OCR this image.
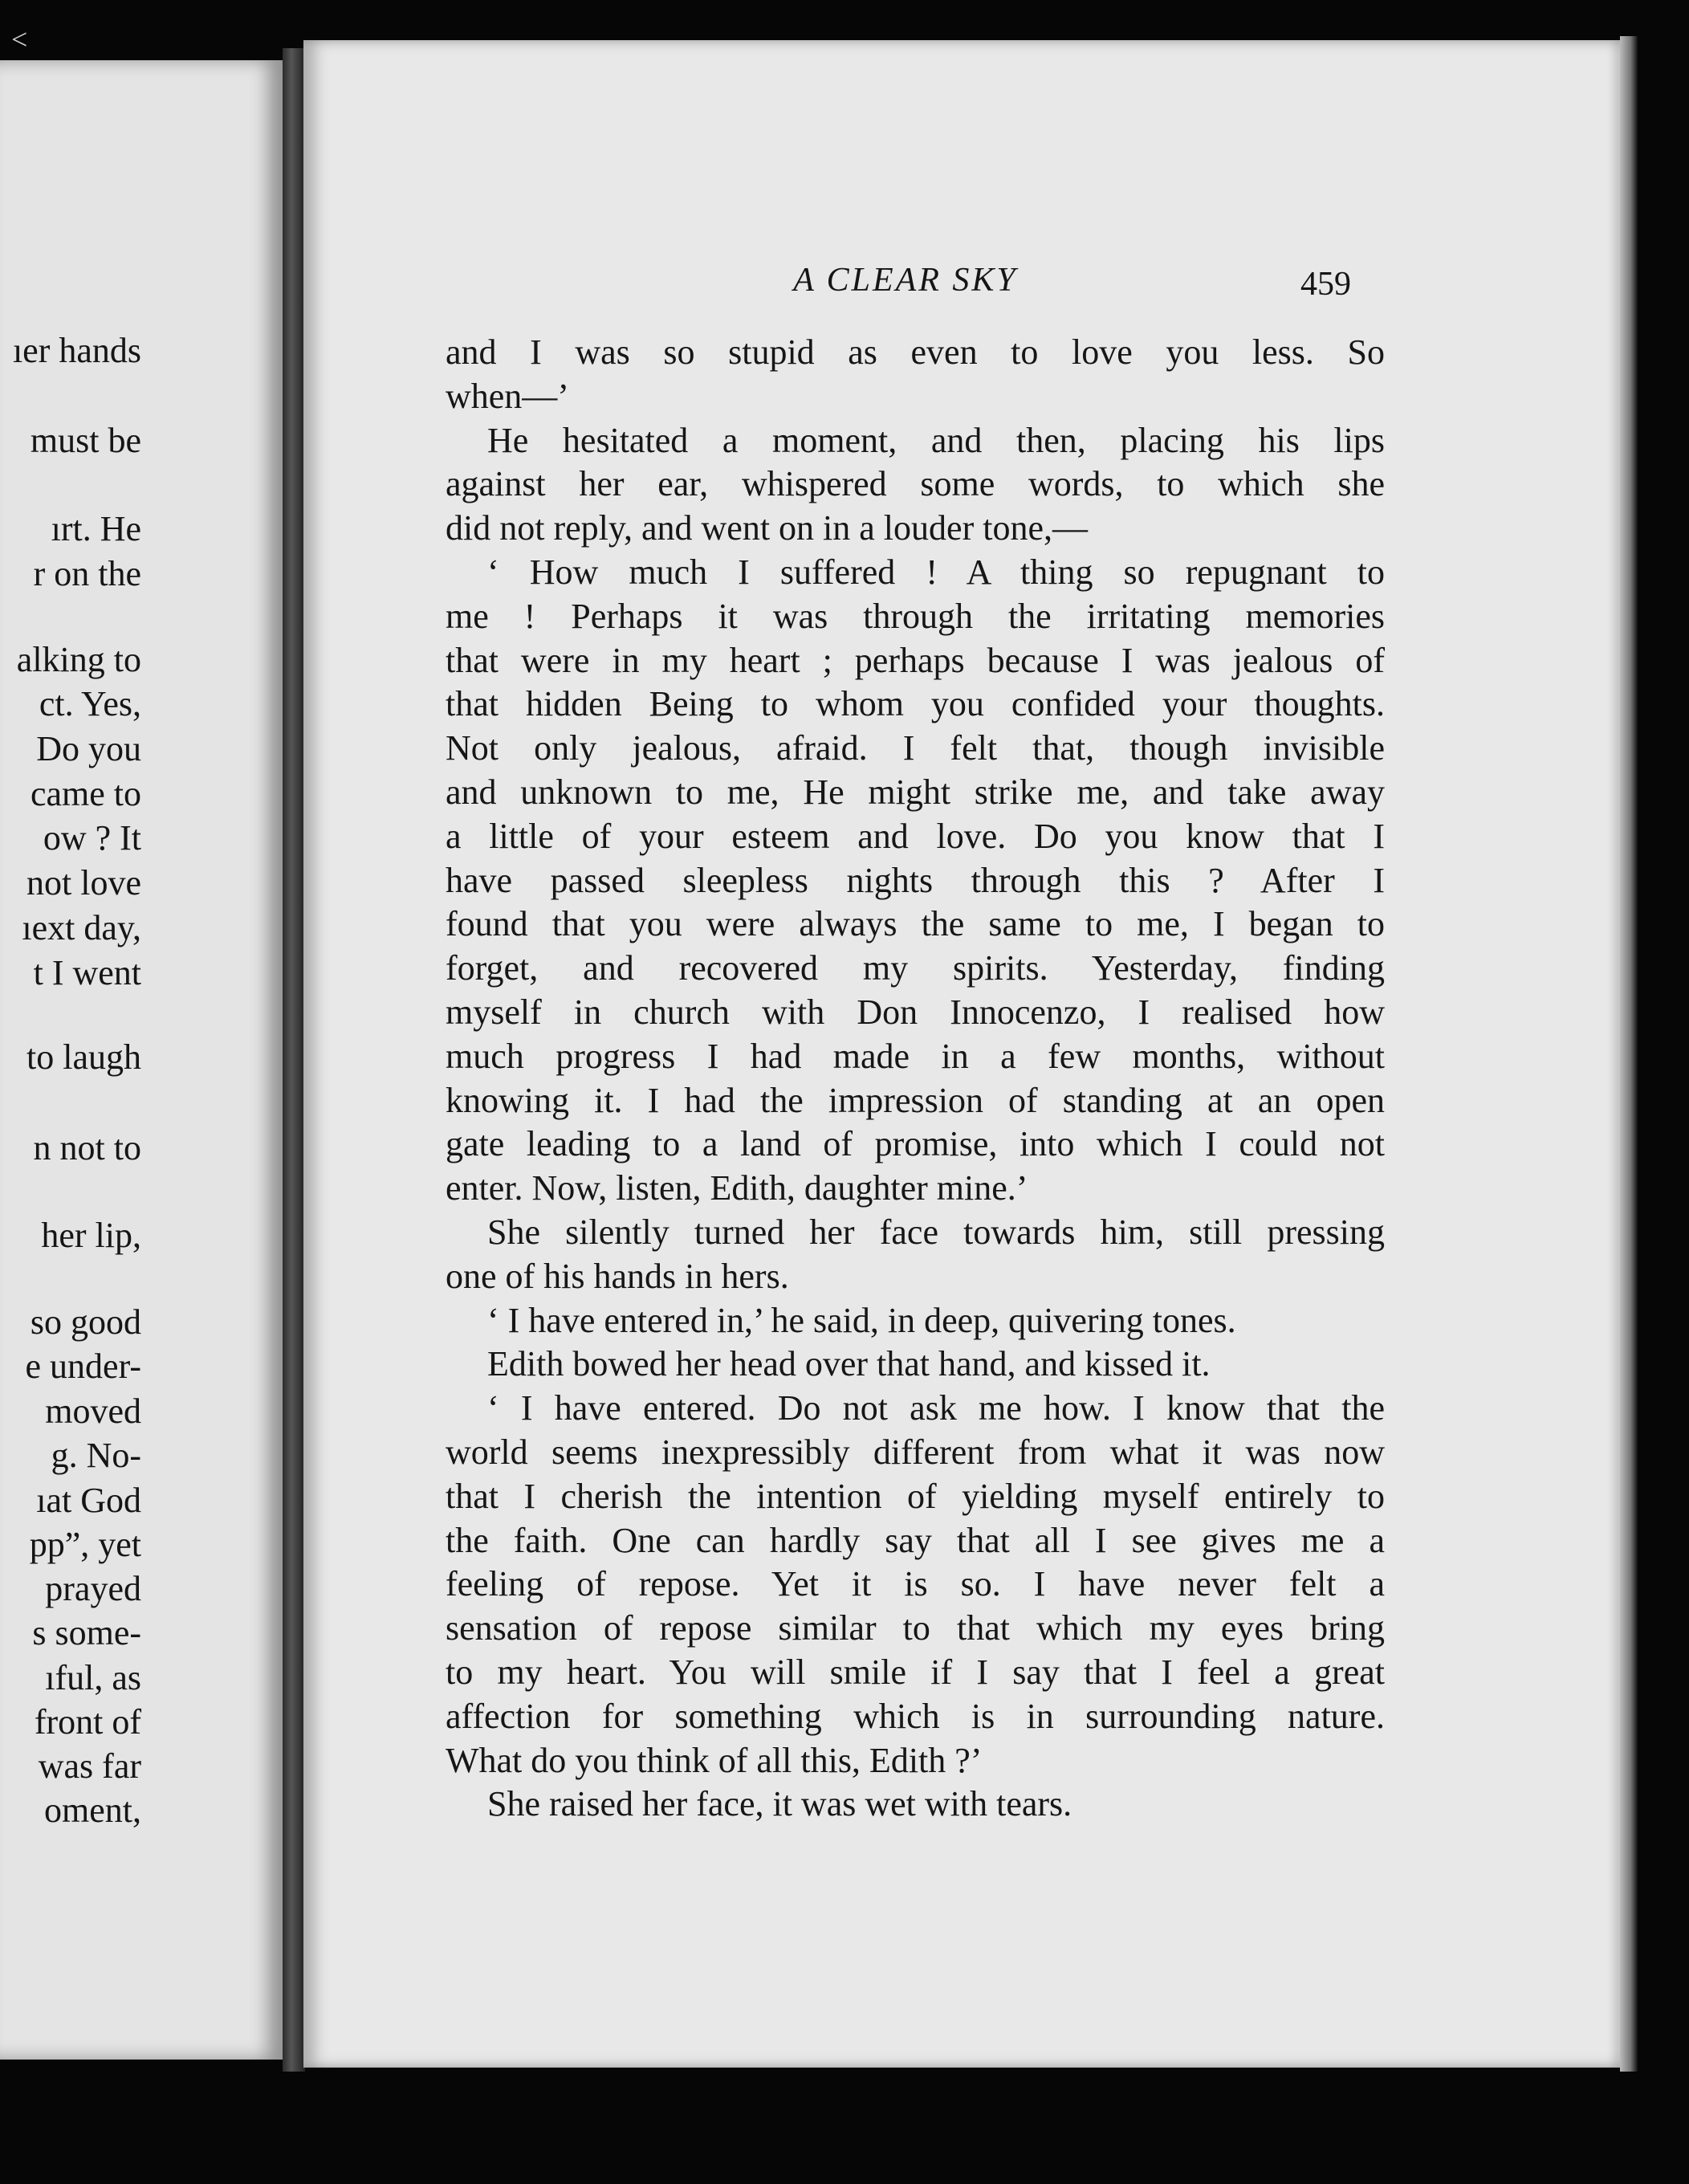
ıer hands
must be
ırt. He
r on the
alking to
ct. Yes,
Do you
came to
ow ? It
not love
ıext day,
t I went
to laugh
n not to
her lip,
so good
e under-
moved
g. No-
ıat God
pp”, yet
prayed
s some-
ıful, as
front of
was far
oment,
<
A CLEAR SKY	459
and I was so stupid as even to love you less. So
when—’
He hesitated a moment, and then, placing his lips
against her ear, whispered some words, to which she
did not reply, and went on in a louder tone,—
‘ How much I suffered ! A thing so repugnant to
me ! Perhaps it was through the irritating memories
that were in my heart ; perhaps because I was jealous of
that hidden Being to whom you confided your thoughts.
Not only jealous, afraid. I felt that, though invisible
and unknown to me, He might strike me, and take away
a little of your esteem and love. Do you know that I
have passed sleepless nights through this ? After I
found that you were always the same to me, I began to
forget, and recovered my spirits. Yesterday, finding
myself in church with Don Innocenzo, I realised how
much progress I had made in a few months, without
knowing it. I had the impression of standing at an open
gate leading to a land of promise, into which I could not
enter. Now, listen, Edith, daughter mine.’
She silently turned her face towards him, still pressing
one of his hands in hers.
‘ I have entered in,’ he said, in deep, quivering tones.
Edith bowed her head over that hand, and kissed it.
‘ I have entered. Do not ask me how. I know that the
world seems inexpressibly different from what it was now
that I cherish the intention of yielding myself entirely to
the faith. One can hardly say that all I see gives me a
feeling of repose. Yet it is so. I have never felt a
sensation of repose similar to that which my eyes bring
to my heart. You will smile if I say that I feel a great
affection for something which is in surrounding nature.
What do you think of all this, Edith ?’
She raised her face, it was wet with tears.
